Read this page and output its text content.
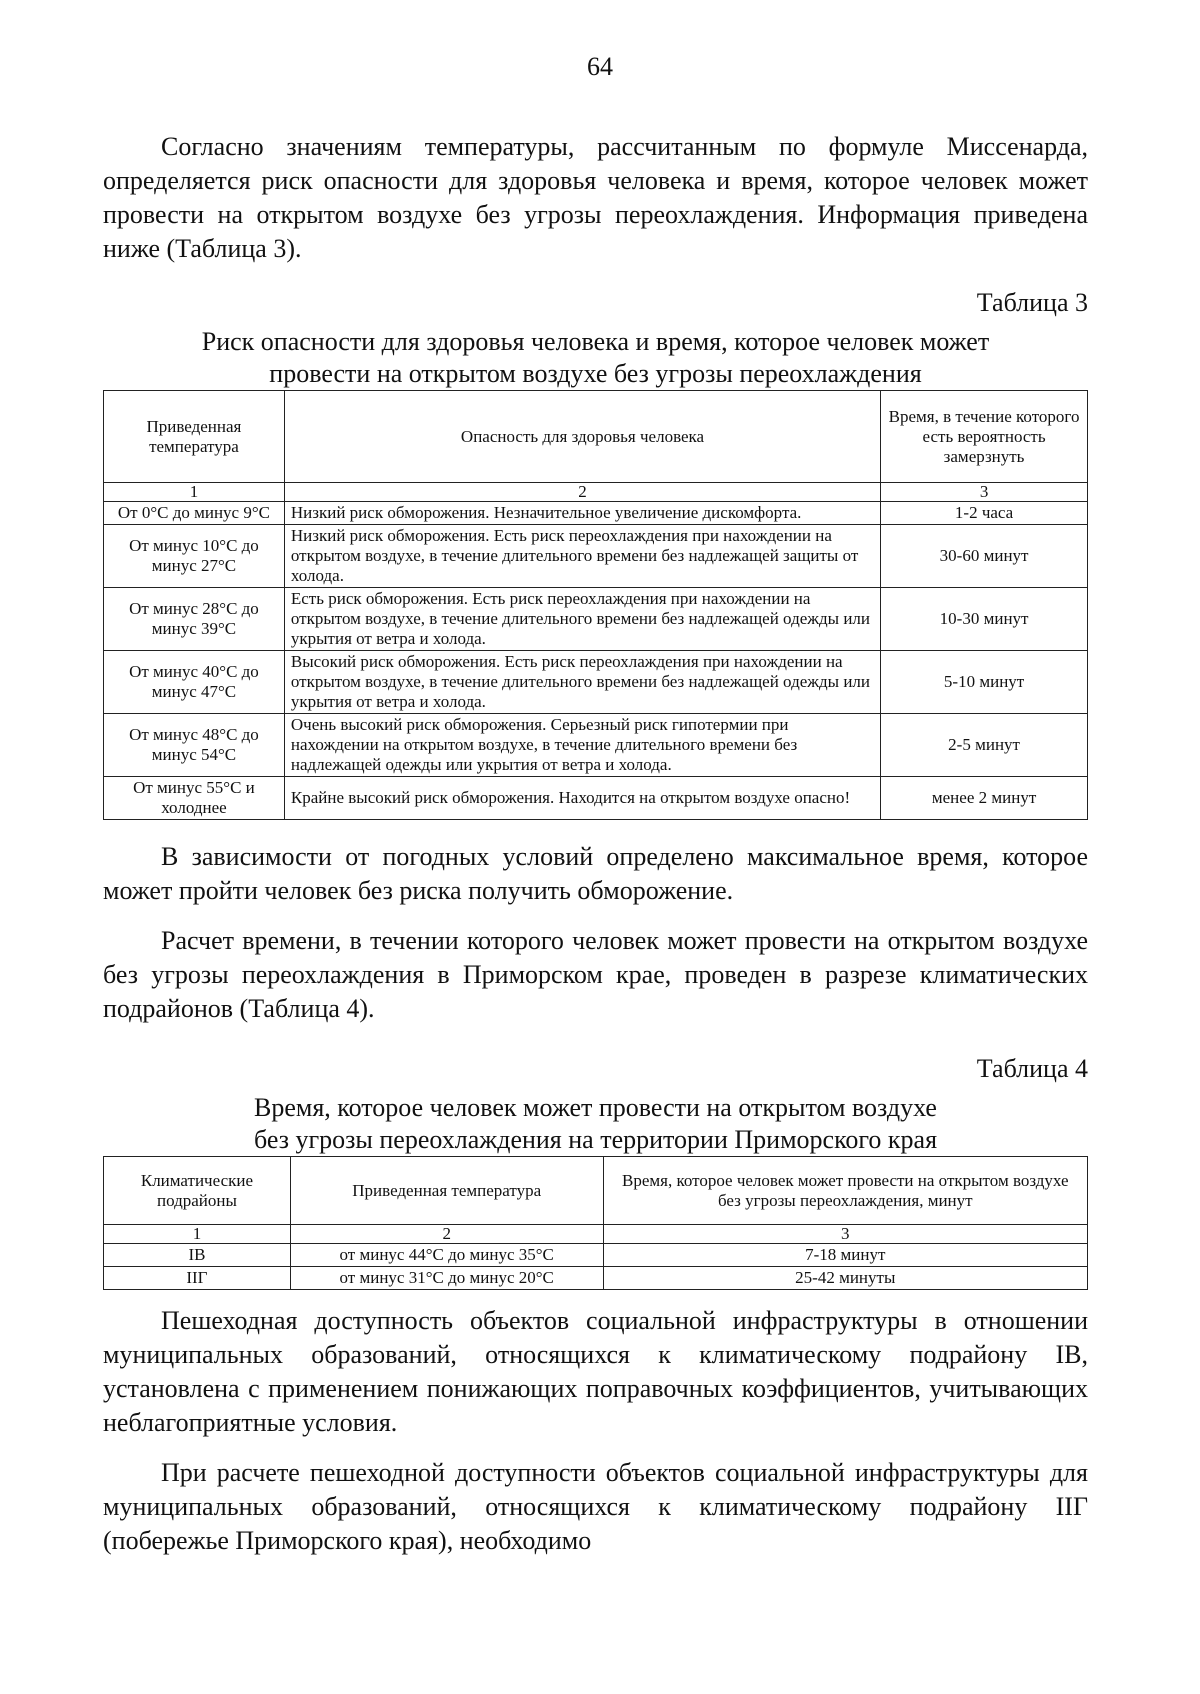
64

Согласно значениям температуры, рассчитанным по формуле Миссенарда, определяется риск опасности для здоровья человека и время, которое человек может провести на открытом воздухе без угрозы переохлаждения. Информация приведена ниже (Таблица 3).

Таблица 3

Риск опасности для здоровья человека и время, которое человек может

провести на открытом воздухе без угрозы переохлаждения

Приведенная температура	Опасность для здоровья человека	Время, в течение которого есть вероятность замерзнуть
1	2	3
От 0°С до минус 9°С	Низкий риск обморожения. Незначительное увеличение дискомфорта.	1-2 часа
От минус 10°С до минус 27°С	Низкий риск обморожения. Есть риск переохлаждения при нахождении на открытом воздухе, в течение длительного времени без надлежащей защиты от холода.	30-60 минут
От минус 28°С до минус 39°С	Есть риск обморожения. Есть риск переохлаждения при нахождении на открытом воздухе, в течение длительного времени без надлежащей одежды или укрытия от ветра и холода.	10-30 минут
От минус 40°С до минус 47°С	Высокий риск обморожения. Есть риск переохлаждения при нахождении на открытом воздухе, в течение длительного времени без надлежащей одежды или укрытия от ветра и холода.	5-10 минут
От минус 48°С до минус 54°С	Очень высокий риск обморожения. Серьезный риск гипотермии при нахождении на открытом воздухе, в течение длительного времени без надлежащей одежды или укрытия от ветра и холода.	2-5 минут
От минус 55°С и холоднее	Крайне высокий риск обморожения. Находится на открытом воздухе опасно!	менее 2 минут

В зависимости от погодных условий определено максимальное время, которое может пройти человек без риска получить обморожение.

Расчет времени, в течении которого человек может провести на открытом воздухе без угрозы переохлаждения в Приморском крае, проведен в разрезе климатических подрайонов (Таблица 4).

Таблица 4

Время, которое человек может провести на открытом воздухе

без угрозы переохлаждения на территории Приморского края

Климатические подрайоны	Приведенная температура	Время, которое человек может провести на открытом воздухе без угрозы переохлаждения, минут
1	2	3
IВ	от минус 44°С до минус 35°С	7-18 минут
IIГ	от минус 31°С до минус 20°С	25-42 минуты

Пешеходная доступность объектов социальной инфраструктуры в отношении муниципальных образований, относящихся к климатическому подрайону IВ, установлена с применением понижающих поправочных коэффициентов, учитывающих неблагоприятные условия.

При расчете пешеходной доступности объектов социальной инфраструктуры для муниципальных образований, относящихся к климатическому подрайону IIГ (побережье Приморского края), необходимо
